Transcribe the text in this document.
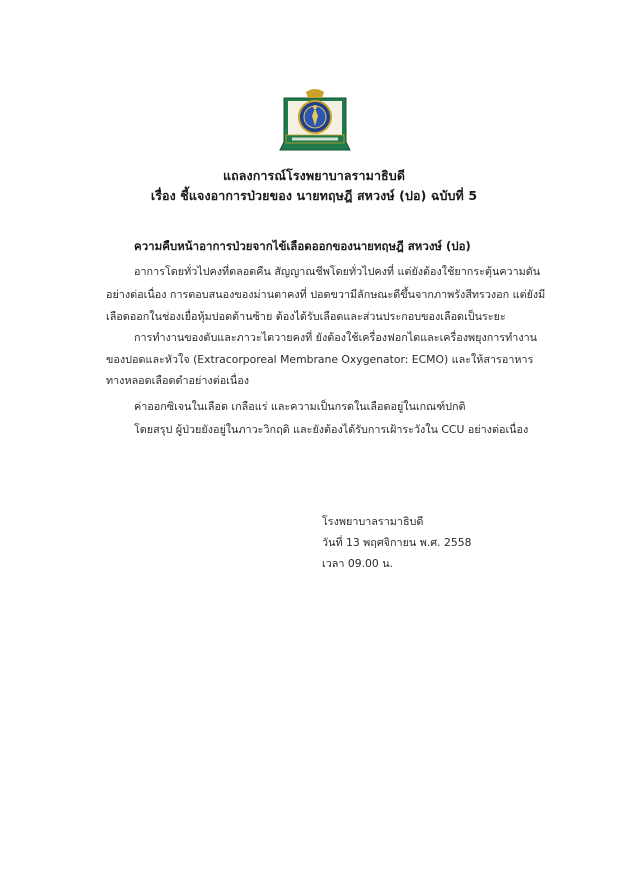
แถลงการณ์โรงพยาบาลรามาธิบดี
เรื่อง ชี้แจงอาการป่วยของ นายทฤษฎี สหวงษ์ (ปอ) ฉบับที่ 5
ความคืบหน้าอาการป่วยจากไข้เลือดออกของนายทฤษฎี สหวงษ์ (ปอ)
อาการโดยทั่วไปคงที่ตลอดคืน สัญญาณชีพโดยทั่วไปคงที่ แต่ยังต้องใช้ยากระตุ้นความดัน
อย่างต่อเนื่อง การตอบสนองของม่านตาคงที่ ปอดขวามีลักษณะดีขึ้นจากภาพรังสีทรวงอก แต่ยังมี
เลือดออกในช่องเยื่อหุ้มปอดด้านซ้าย ต้องได้รับเลือดและส่วนประกอบของเลือดเป็นระยะ
การทำงานของตับและภาวะไตวายคงที่ ยังต้องใช้เครื่องฟอกไตและเครื่องพยุงการทำงาน
ของปอดและหัวใจ (Extracorporeal Membrane Oxygenator: ECMO) และให้สารอาหาร
ทางหลอดเลือดดำอย่างต่อเนื่อง
ค่าออกซิเจนในเลือด เกลือแร่ และความเป็นกรดในเลือดอยู่ในเกณฑ์ปกติ
โดยสรุป ผู้ป่วยยังอยู่ในภาวะวิกฤติ และยังต้องได้รับการเฝ้าระวังใน CCU อย่างต่อเนื่อง
โรงพยาบาลรามาธิบดี
วันที่ 13 พฤศจิกายน พ.ศ. 2558
เวลา 09.00 น.
